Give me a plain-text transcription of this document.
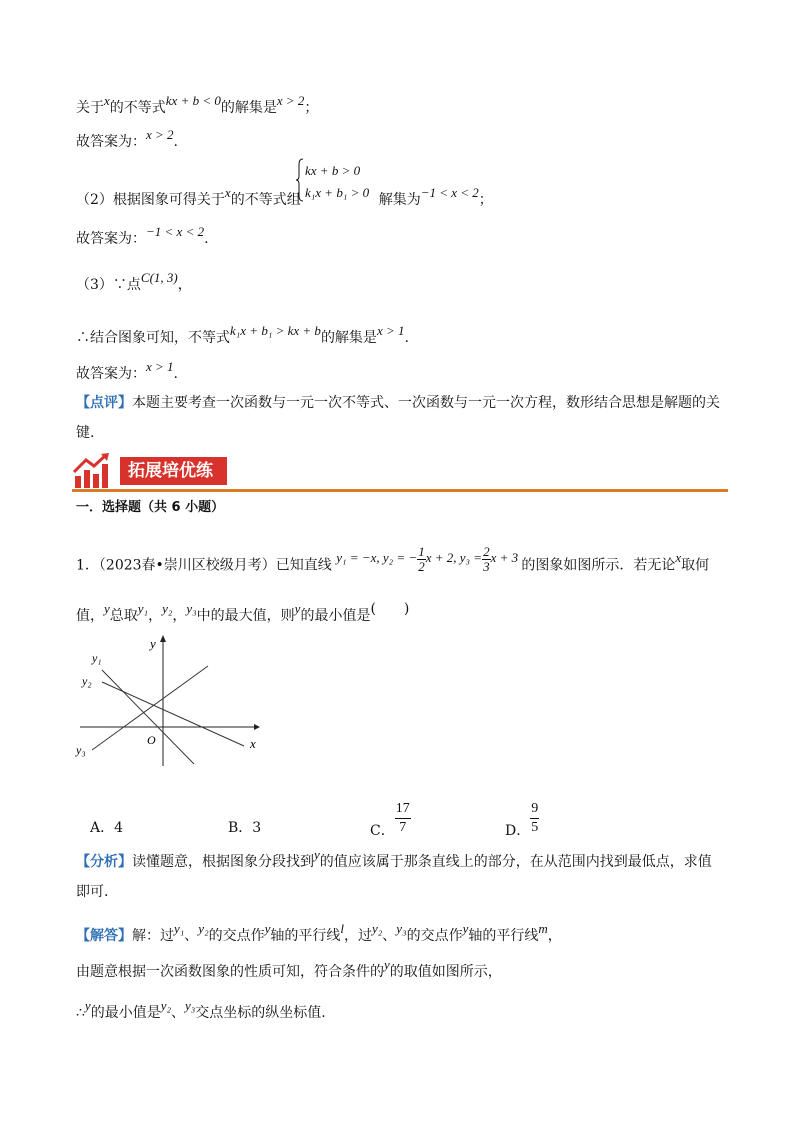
关于x的不等式kx + b < 0的解集是x > 2；
故答案为：x > 2.
kx + b > 0
k₁x + b₁ > 0
（2）根据图象可得关于x的不等式组	解集为−1 < x < 2；
故答案为：−1 < x < 2.
（3）∵点C(1, 3)，
∴结合图象可知，不等式k₁x + b₁ > kx + b的解集是x > 1.
故答案为：x > 1.
【点评】本题主要考查一次函数与一元一次不等式、一次函数与一元一次方程，数形结合思想是解题的关
键.
拓展培优练
一．选择题（共 6 小题）
1．（2023春•崇川区校级月考）已知直线 y₁ = −x, y₂ = − $\frac{1}{2}$ x + 2, $y_3 = \frac{2}{3}$ x + 3 的图象如图所示．若无论x取何
值，y总取y₁，y₂，y₃中的最大值，则y的最小值是(　　)
y
x
O
y₁
y₂
y₃
A．4	B．3	C． $\frac{17}{7}$	D． $\frac{9}{5}$
【分析】读懂题意，根据图象分段找到y的值应该属于那条直线上的部分，在从范围内找到最低点，求值
即可.
【解答】解：过y₁、y₂的交点作y轴的平行线l，过y₂、y₃的交点作y轴的平行线m，
由题意根据一次函数图象的性质可知，符合条件的y的取值如图所示，
∴y的最小值是y₂、y₃交点坐标的纵坐标值.
